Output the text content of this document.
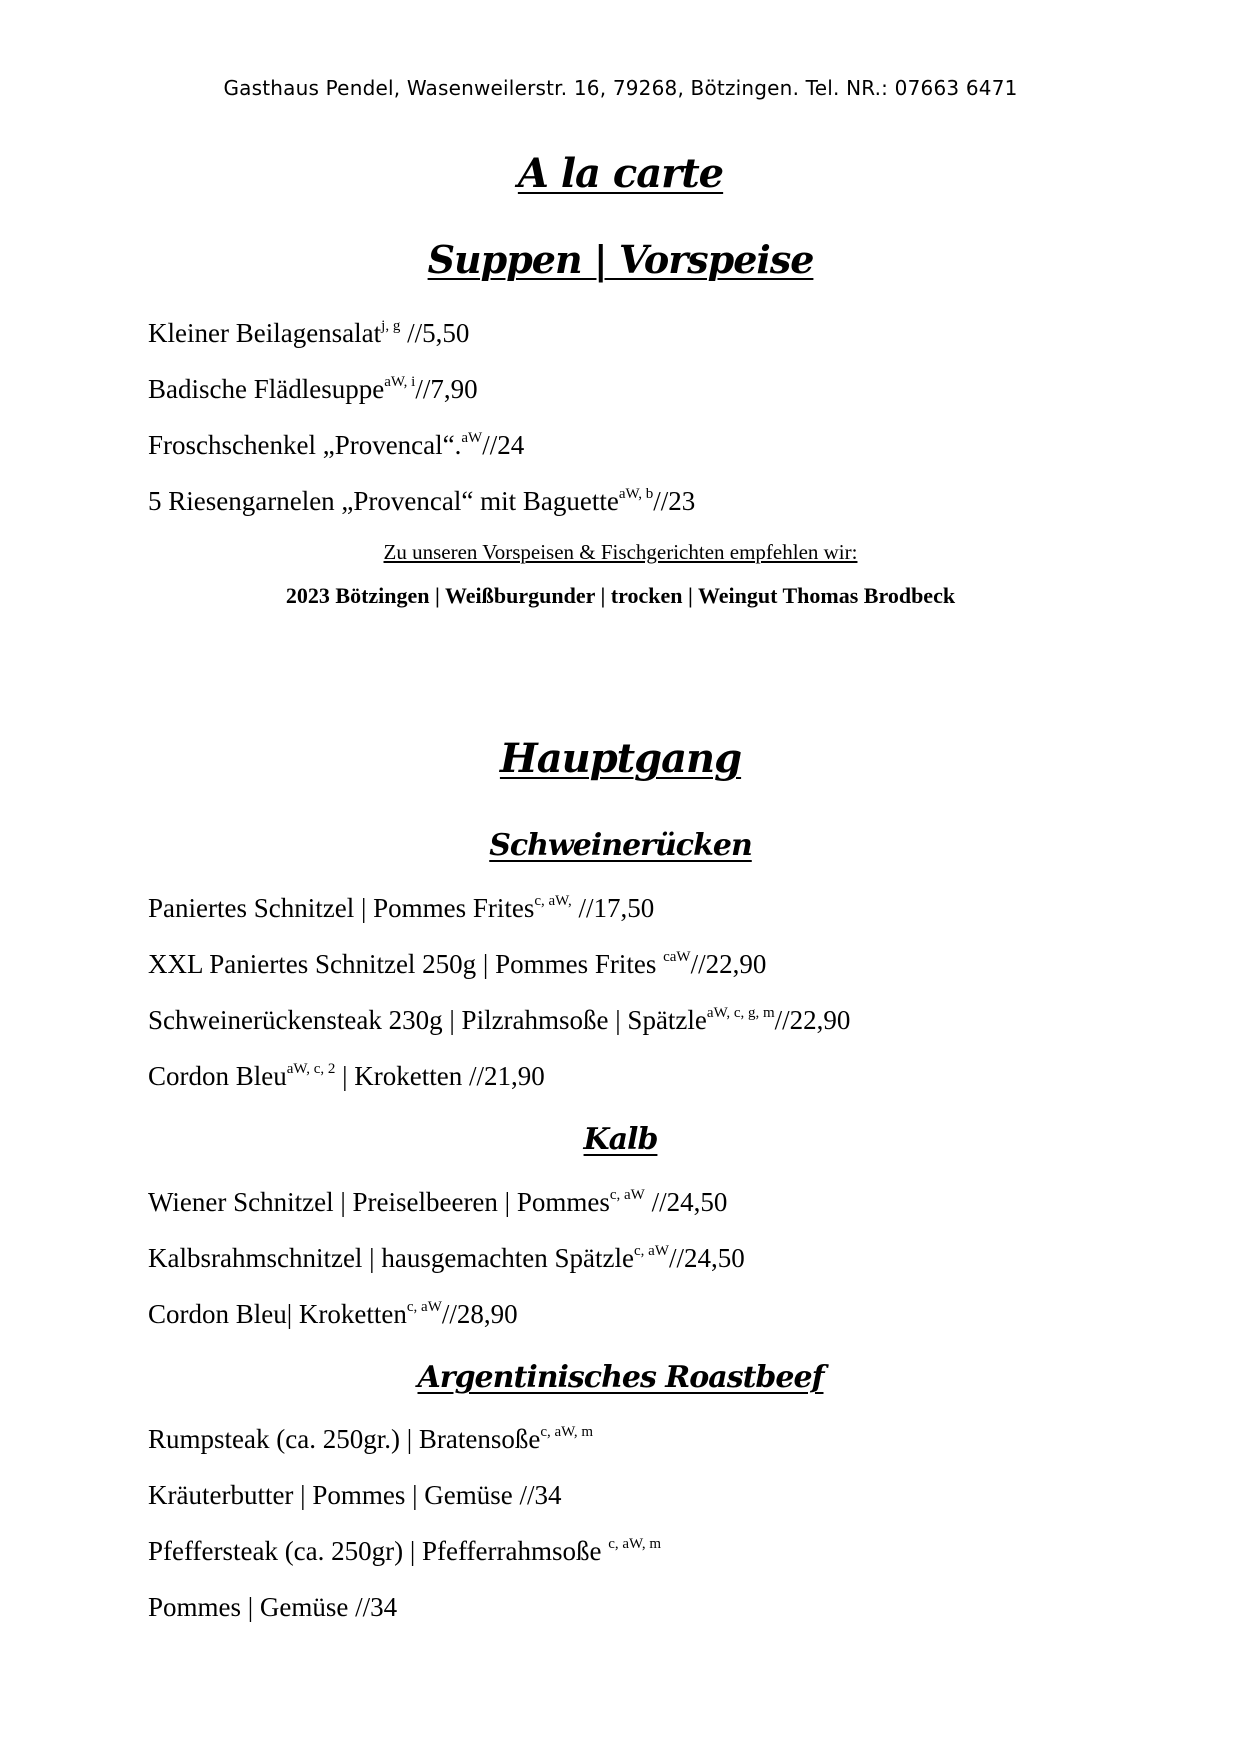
Gasthaus Pendel, Wasenweilerstr. 16, 79268, Bötzingen. Tel. NR.: 07663 6471
A la carte
Suppen | Vorspeise
Kleiner Beilagensalat$^{j, g}$ //5,50
Badische Flädlesuppe$^{aW, i}$//7,90
Froschschenkel „Provencal“.$^{aW}$//24
5 Riesengarnelen „Provencal“ mit Baguette$^{aW, b}$//23
Zu unseren Vorspeisen & Fischgerichten empfehlen wir:
2023 Bötzingen | Weißburgunder | trocken | Weingut Thomas Brodbeck
Hauptgang
Schweinerücken
Paniertes Schnitzel | Pommes Frites$^{c, aW,}$ //17,50
XXL Paniertes Schnitzel 250g | Pommes Frites $^{caW}$//22,90
Schweinerückensteak 230g | Pilzrahmsoße | Spätzle$^{aW, c, g, m}$//22,90
Cordon Bleu$^{aW, c, 2}$ | Kroketten //21,90
Kalb
Wiener Schnitzel | Preiselbeeren | Pommes$^{c, aW}$ //24,50
Kalbsrahmschnitzel | hausgemachten Spätzle$^{c, aW}$//24,50
Cordon Bleu| Kroketten$^{c, aW}$//28,90
Argentinisches Roastbeef
Rumpsteak (ca. 250gr.) | Bratensoße$^{c, aW, m}$
Kräuterbutter | Pommes | Gemüse //34
Pfeffersteak (ca. 250gr) | Pfefferrahmsoße $^{c, aW, m}$
Pommes | Gemüse //34
